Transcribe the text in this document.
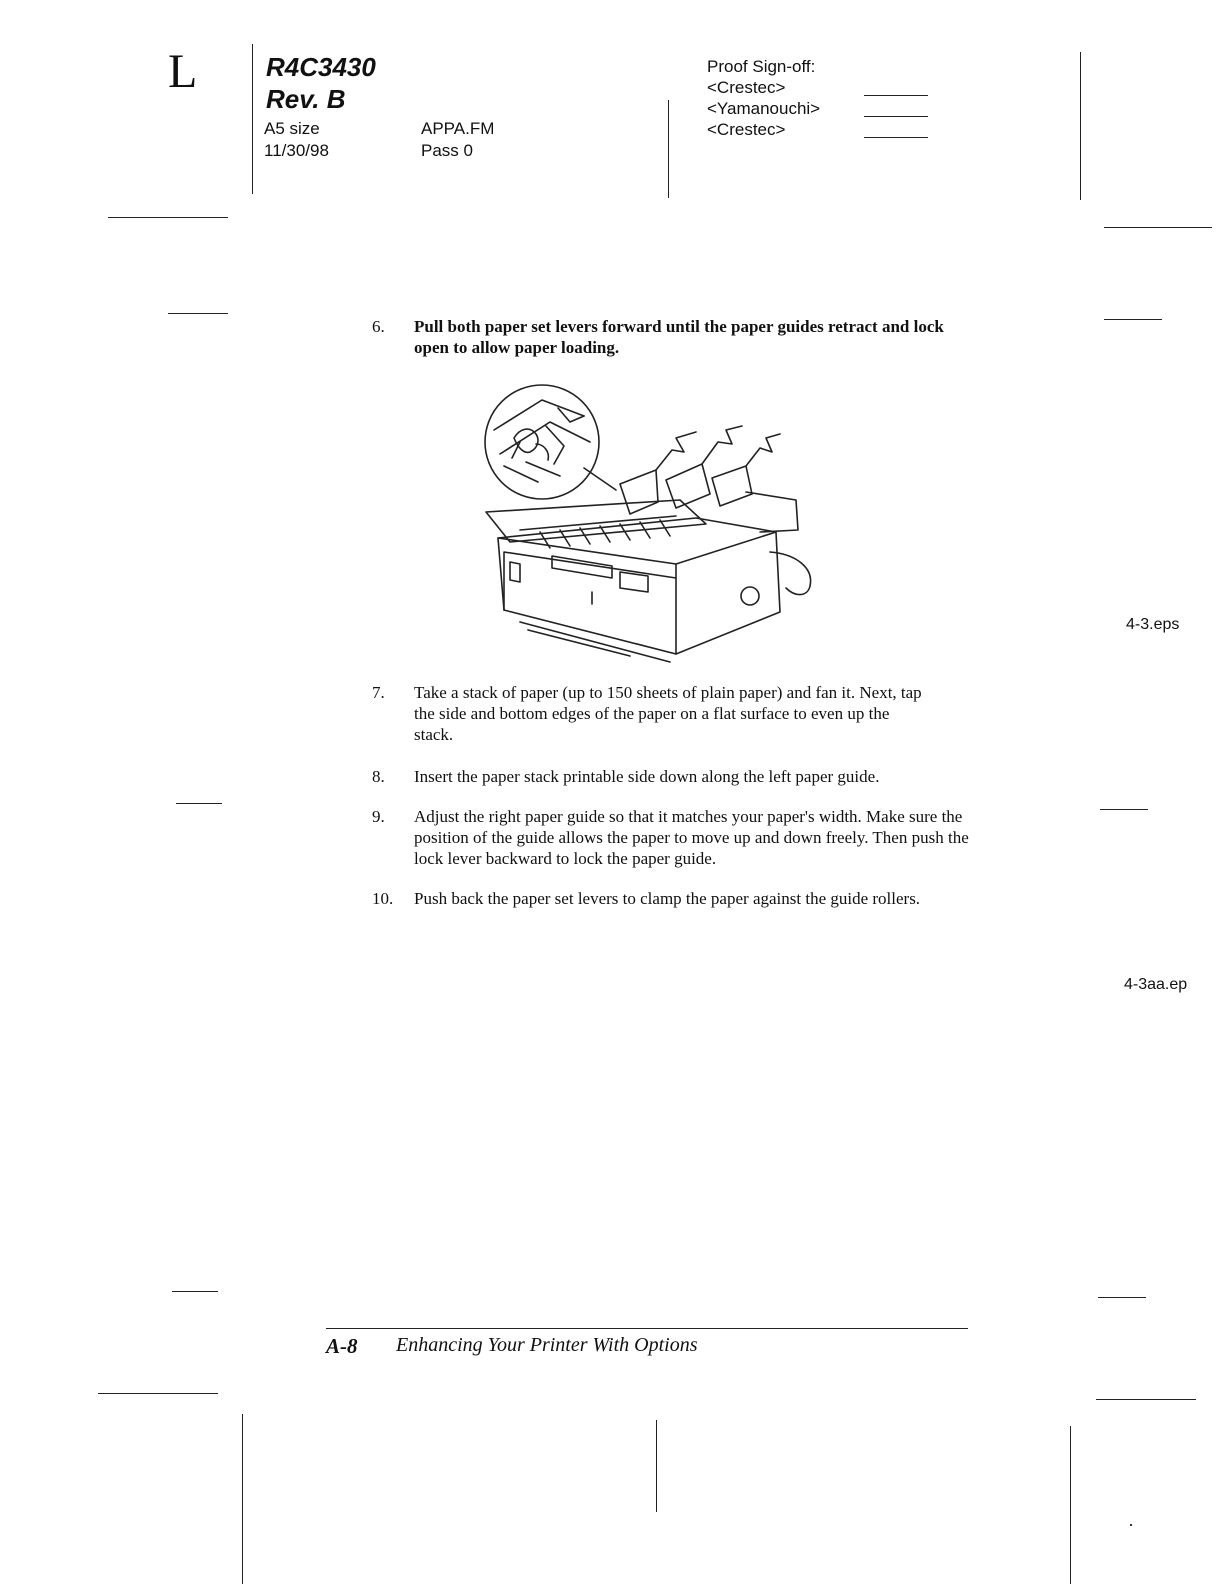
L	R4C3430
Rev. B
A5 size
11/30/98
APPA.FM
Pass 0
Proof Sign-off:
<Crestec>
<Yamanouchi>
<Crestec>
6.	Pull both paper set levers forward until the paper guides retract and lock open to allow paper loading.
4-3.eps
7.	Take a stack of paper (up to 150 sheets of plain paper) and fan it. Next, tap the side and bottom edges of the paper on a flat surface to even up the stack.
8.	Insert the paper stack printable side down along the left paper guide.
9.	Adjust the right paper guide so that it matches your paper's width. Make sure the position of the guide allows the paper to move up and down freely. Then push the lock lever backward to lock the paper guide.
10.	Push back the paper set levers to clamp the paper against the guide rollers.
4-3aa.ep
A-8 Enhancing Your Printer With Options
